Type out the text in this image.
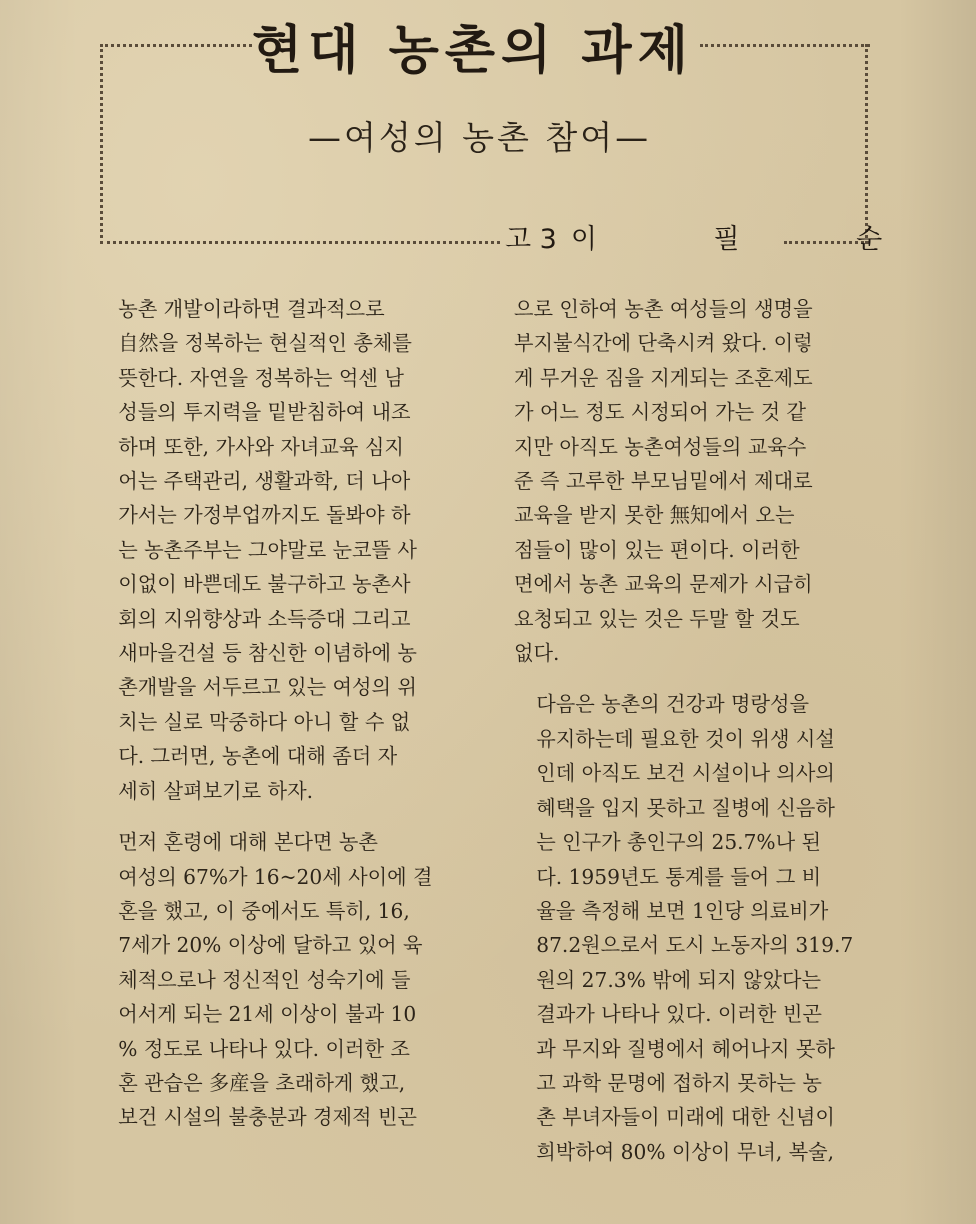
현대 농촌의 과제
—여성의 농촌 참여—
고 3 이 필 순

농촌 개발이라하면 결과적으로
自然을 정복하는 현실적인 총체를
뜻한다. 자연을 정복하는 억센 남
성들의 투지력을 밑받침하여 내조
하며 또한, 가사와 자녀교육 심지
어는 주택관리, 생활과학, 더 나아
가서는 가정부업까지도 돌봐야 하
는 농촌주부는 그야말로 눈코뜰 사
이없이 바쁜데도 불구하고 농촌사
회의 지위향상과 소득증대 그리고
새마을건설 등 참신한 이념하에 농
촌개발을 서두르고 있는 여성의 위
치는 실로 막중하다 아니 할 수 없
다. 그러면, 농촌에 대해 좀더 자
세히 살펴보기로 하자.

먼저 혼령에 대해 본다면 농촌
여성의 67%가 16~20세 사이에 결
혼을 했고, 이 중에서도 특히, 16,
7세가 20% 이상에 달하고 있어 육
체적으로나 정신적인 성숙기에 들
어서게 되는 21세 이상이 불과 10
% 정도로 나타나 있다. 이러한 조
혼 관습은 多産을 초래하게 했고,
보건 시설의 불충분과 경제적 빈곤

으로 인하여 농촌 여성들의 생명을
부지불식간에 단축시켜 왔다. 이렇
게 무거운 짐을 지게되는 조혼제도
가 어느 정도 시정되어 가는 것 같
지만 아직도 농촌여성들의 교육수
준 즉 고루한 부모님밑에서 제대로
교육을 받지 못한 無知에서 오는
점들이 많이 있는 편이다. 이러한
면에서 농촌 교육의 문제가 시급히
요청되고 있는 것은 두말 할 것도
없다.

다음은 농촌의 건강과 명랑성을
유지하는데 필요한 것이 위생 시설
인데 아직도 보건 시설이나 의사의
혜택을 입지 못하고 질병에 신음하
는 인구가 총인구의 25.7%나 된
다. 1959년도 통계를 들어 그 비
율을 측정해 보면 1인당 의료비가
87.2원으로서 도시 노동자의 319.7
원의 27.3% 밖에 되지 않았다는
결과가 나타나 있다. 이러한 빈곤
과 무지와 질병에서 헤어나지 못하
고 과학 문명에 접하지 못하는 농
촌 부녀자들이 미래에 대한 신념이
희박하여 80% 이상이 무녀, 복술,
